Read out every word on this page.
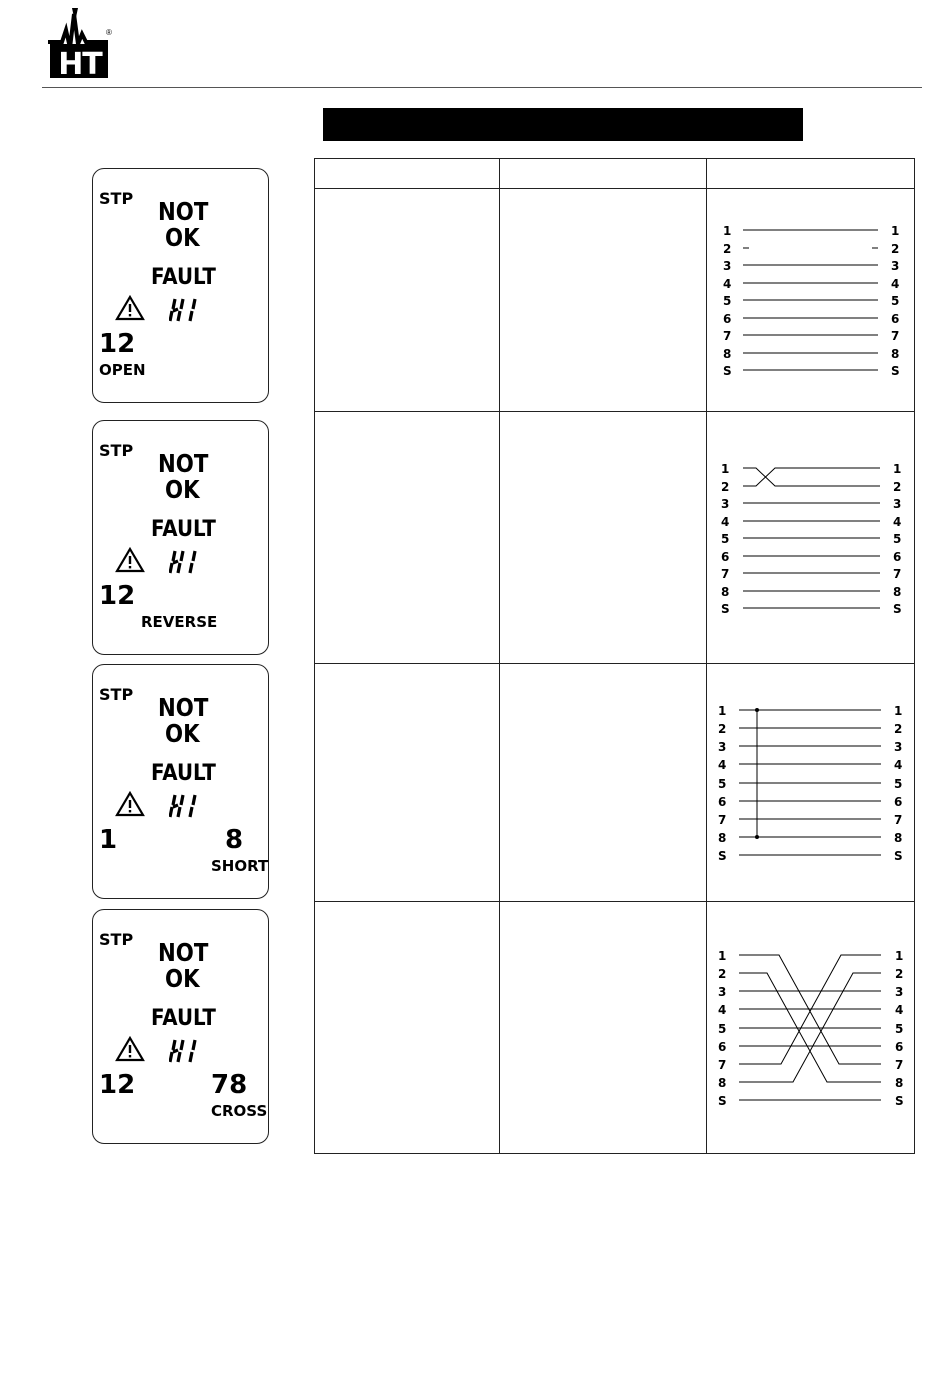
HT
®
STP NOT
OK
FAULT
12
OPEN
STP NOT
OK
FAULT
12
REVERSE
STP NOT
OK
FAULT
1	8
SHORT
STP NOT
OK
FAULT
12	78
CROSS
1
2
3
4
5
6
7
8
S
1
2
3
4
5
6
7
8
S
1
2
3
4
5
6
7
8
S
1
2
3
4
5
6
7
8
S
1
2
3
4
5
6
7
8
S
1
2
3
4
5
6
7
8
S
1
2
3
4
5
6
7
8
S
1
2
3
4
5
6
7
8
S
